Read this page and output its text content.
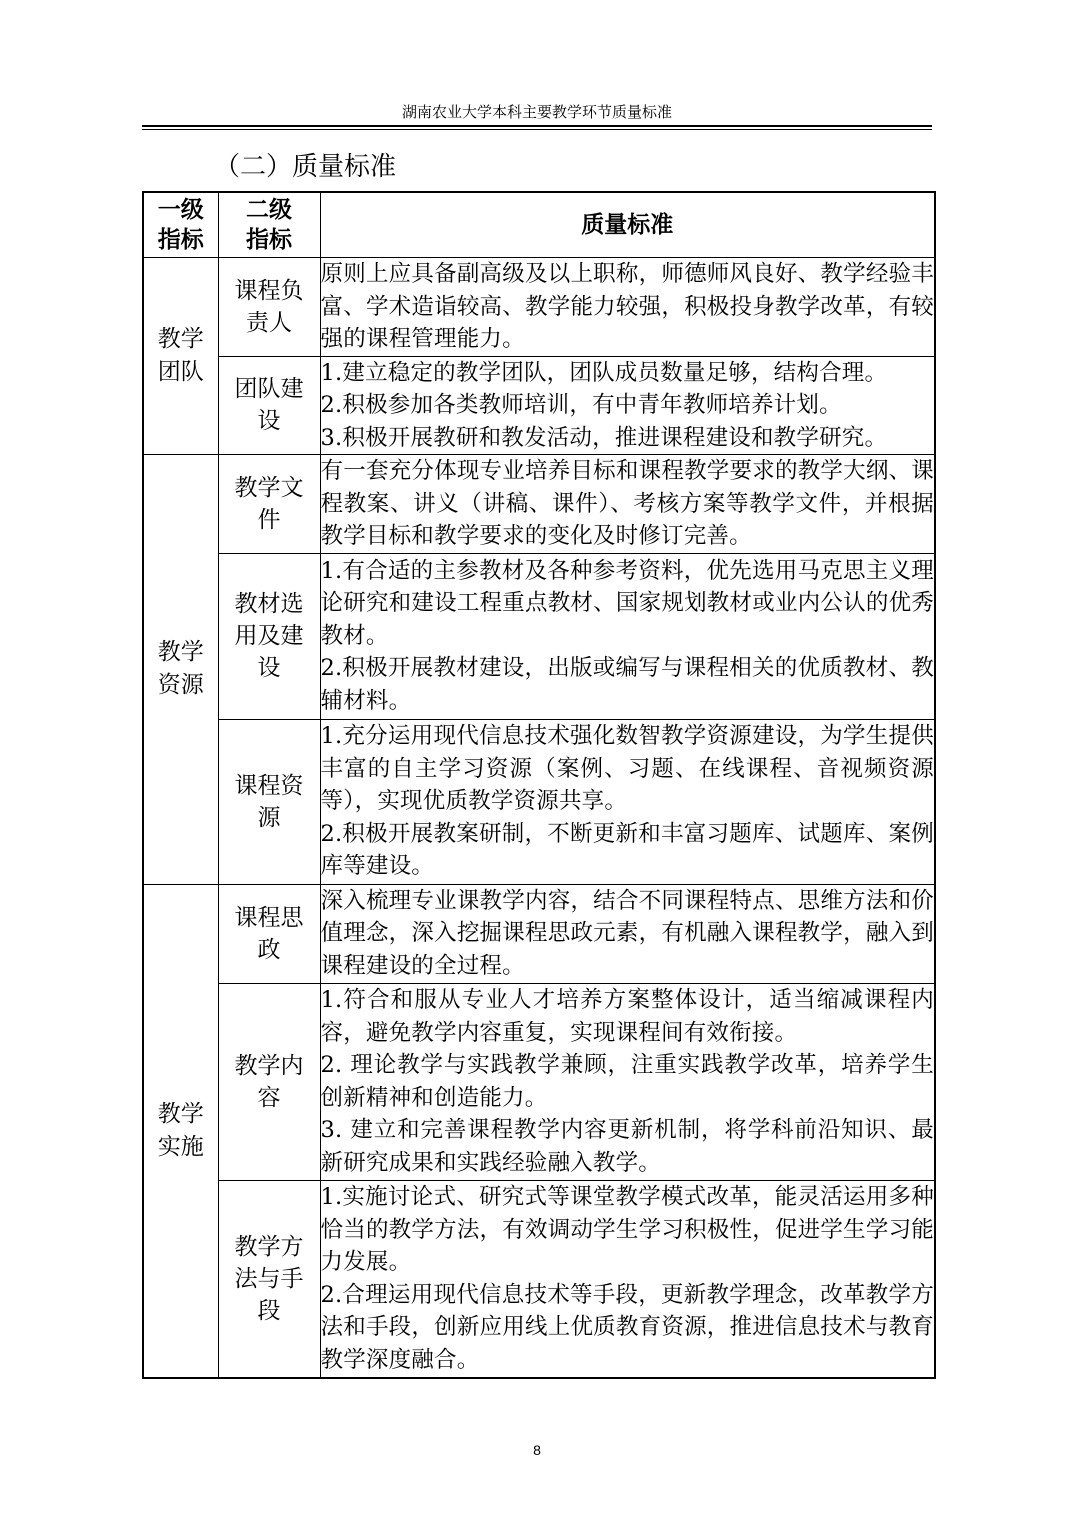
湖南农业大学本科主要教学环节质量标准
（二）质量标准
一级指标	二级指标	质量标准
教学团队	课程负责人	原则上应具备副高级及以上职称，师德师风良好、教学经验丰富、学术造诣较高、教学能力较强，积极投身教学改革，有较强的课程管理能力。

	团队建设	1.建立稳定的教学团队，团队成员数量足够，结构合理。

2.积极参加各类教师培训，有中青年教师培养计划。

3.积极开展教研和教发活动，推进课程建设和教学研究。

教学资源	教学文件	有一套充分体现专业培养目标和课程教学要求的教学大纲、课程教案、讲义（讲稿、课件）、考核方案等教学文件，并根据教学目标和教学要求的变化及时修订完善。

	教材选用及建设	1.有合适的主参教材及各种参考资料，优先选用马克思主义理论研究和建设工程重点教材、国家规划教材或业内公认的优秀教材。

2.积极开展教材建设，出版或编写与课程相关的优质教材、教辅材料。

	课程资源	1.充分运用现代信息技术强化数智教学资源建设，为学生提供丰富的自主学习资源（案例、习题、在线课程、音视频资源等），实现优质教学资源共享。

2.积极开展教案研制，不断更新和丰富习题库、试题库、案例库等建设。

教学实施	课程思政	深入梳理专业课教学内容，结合不同课程特点、思维方法和价值理念，深入挖掘课程思政元素，有机融入课程教学，融入到课程建设的全过程。

	教学内容	1.符合和服从专业人才培养方案整体设计，适当缩减课程内容，避免教学内容重复，实现课程间有效衔接。

2. 理论教学与实践教学兼顾，注重实践教学改革，培养学生创新精神和创造能力。

3. 建立和完善课程教学内容更新机制，将学科前沿知识、最新研究成果和实践经验融入教学。

	教学方法与手段	1.实施讨论式、研究式等课堂教学模式改革，能灵活运用多种恰当的教学方法，有效调动学生学习积极性，促进学生学习能力发展。

2.合理运用现代信息技术等手段，更新教学理念，改革教学方法和手段，创新应用线上优质教育资源，推进信息技术与教育教学深度融合。

8
